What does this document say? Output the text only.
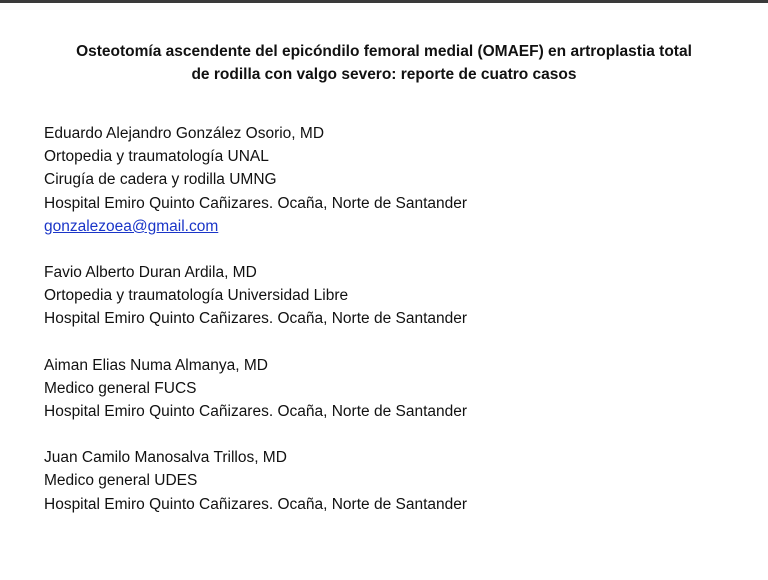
Osteotomía ascendente del epicóndilo femoral medial (OMAEF) en artroplastia total
de rodilla con valgo severo: reporte de cuatro casos
Eduardo Alejandro González Osorio, MD
Ortopedia y traumatología UNAL
Cirugía de cadera y rodilla UMNG
Hospital Emiro Quinto Cañizares. Ocaña, Norte de Santander
gonzalezoea@gmail.com
Favio Alberto Duran Ardila, MD
Ortopedia y traumatología Universidad Libre
Hospital Emiro Quinto Cañizares. Ocaña, Norte de Santander
Aiman Elias Numa Almanya, MD
Medico general FUCS
Hospital Emiro Quinto Cañizares. Ocaña, Norte de Santander
Juan Camilo Manosalva Trillos, MD
Medico general UDES
Hospital Emiro Quinto Cañizares. Ocaña, Norte de Santander
